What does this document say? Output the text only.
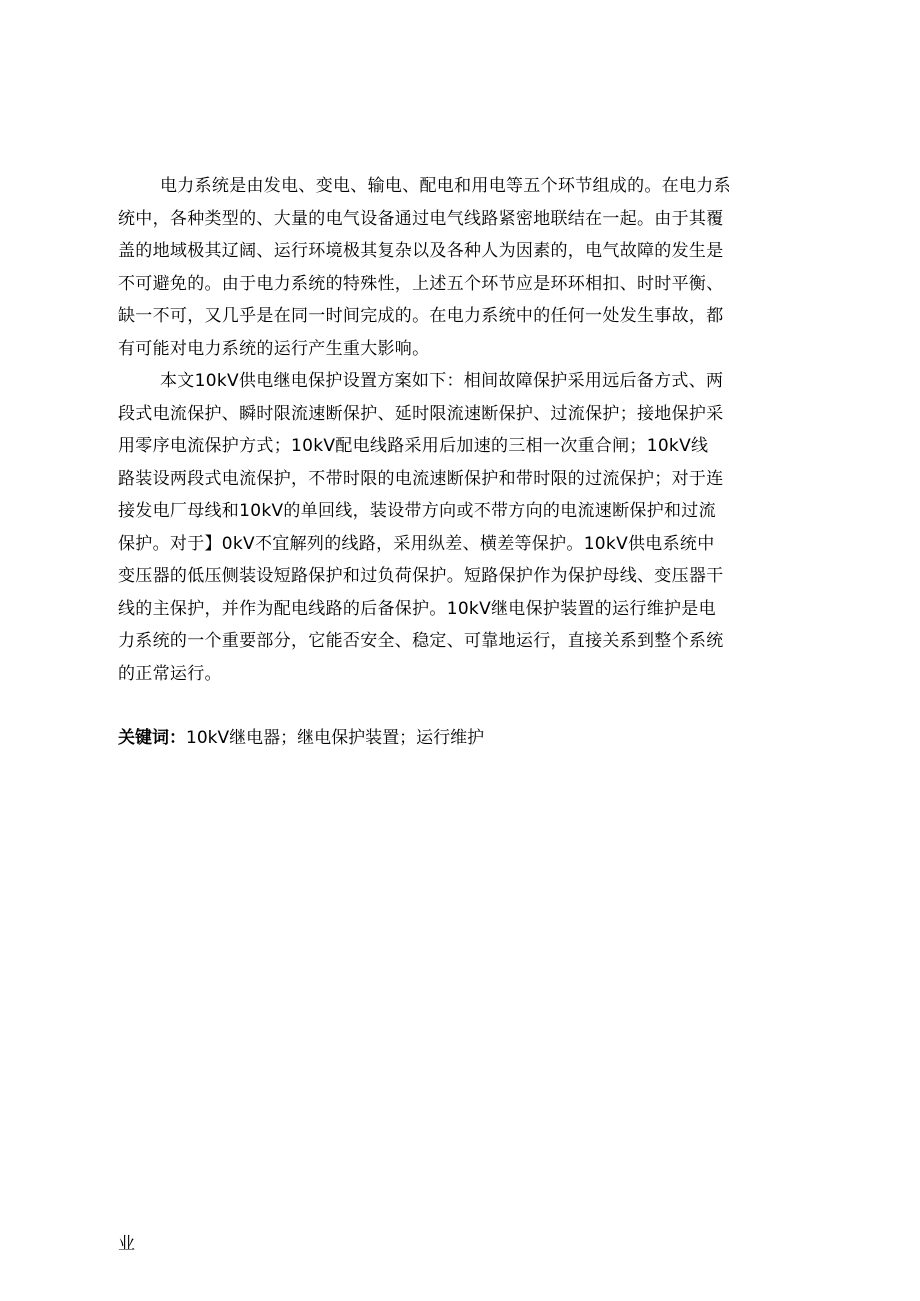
电力系统是由发电、变电、输电、配电和用电等五个环节组成的。在电力系
统中，各种类型的、大量的电气设备通过电气线路紧密地联结在一起。由于其覆
盖的地域极其辽阔、运行环境极其复杂以及各种人为因素的，电气故障的发生是
不可避免的。由于电力系统的特殊性，上述五个环节应是环环相扣、时时平衡、
缺一不可，又几乎是在同一时间完成的。在电力系统中的任何一处发生事故，都
有可能对电力系统的运行产生重大影响。
本文10kV供电继电保护设置方案如下：相间故障保护采用远后备方式、两
段式电流保护、瞬时限流速断保护、延时限流速断保护、过流保护；接地保护采
用零序电流保护方式；10kV配电线路采用后加速的三相一次重合闸；10kV线
路装设两段式电流保护，不带时限的电流速断保护和带时限的过流保护；对于连
接发电厂母线和10kV的单回线，装设带方向或不带方向的电流速断保护和过流
保护。对于】0kV不宜解列的线路，采用纵差、横差等保护。10kV供电系统中
变压器的低压侧装设短路保护和过负荷保护。短路保护作为保护母线、变压器干
线的主保护，并作为配电线路的后备保护。10kV继电保护装置的运行维护是电
力系统的一个重要部分，它能否安全、稳定、可靠地运行，直接关系到整个系统
的正常运行。
关键词：10kV继电器；继电保护装置；运行维护
业
